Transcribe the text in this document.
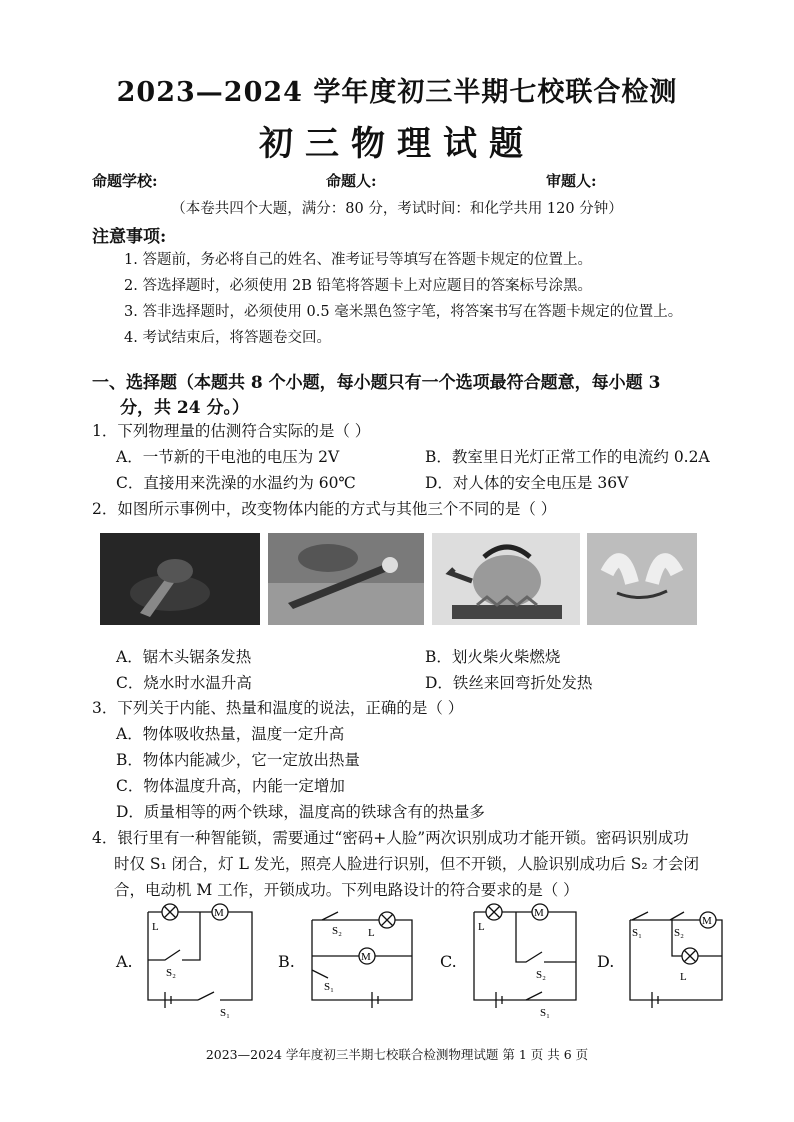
2023—2024 学年度初三半期七校联合检测
初三物理试题
命题学校:	命题人:	审题人:
（本卷共四个大题，满分：80 分，考试时间：和化学共用 120 分钟）
注意事项:
1. 答题前，务必将自己的姓名、准考证号等填写在答题卡规定的位置上。
2. 答选择题时，必须使用 2B 铅笔将答题卡上对应题目的答案标号涂黑。
3. 答非选择题时，必须使用 0.5 毫米黑色签字笔，将答案书写在答题卡规定的位置上。
4. 考试结束后，将答题卷交回。
一、选择题（本题共 8 个小题，每小题只有一个选项最符合题意，每小题 3
分，共 24 分。）
1．下列物理量的估测符合实际的是（ ）
A．一节新的干电池的电压为 2V	B．教室里日光灯正常工作的电流约 0.2A
C．直接用来洗澡的水温约为 60℃	D．对人体的安全电压是 36V
2．如图所示事例中，改变物体内能的方式与其他三个不同的是（ ）
A．锯木头锯条发热	B．划火柴火柴燃烧
C．烧水时水温升高	D．铁丝来回弯折处发热
3．下列关于内能、热量和温度的说法，正确的是（ ）
A．物体吸收热量，温度一定升高
B．物体内能减少，它一定放出热量
C．物体温度升高，内能一定增加
D．质量相等的两个铁球，温度高的铁球含有的热量多
4．银行里有一种智能锁，需要通过“密码+人脸”两次识别成功才能开锁。密码识别成功
时仅 S₁ 闭合，灯 L 发光，照亮人脸进行识别，但不开锁，人脸识别成功后 S₂ 才会闭
合，电动机 M 工作，开锁成功。下列电路设计的符合要求的是（ ）
A.	B.	C.	D.
L
M
S₂
S₁
S₂ L
M
S₁
L
M
S₂
S₁
S₁	S₂
M
L
2023—2024 学年度初三半期七校联合检测物理试题 第 1 页 共 6 页
